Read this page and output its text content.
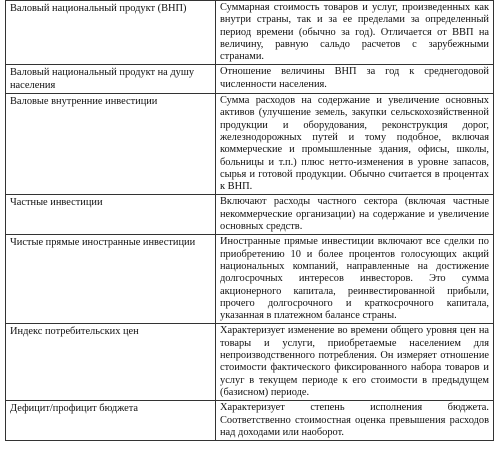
Валовый национальный продукт (ВНП)	Суммарная стоимость товаров и услуг, произведенных как внутри страны, так и за ее пределами за определенный период времени (обычно за год). Отличается от ВВП на величину, равную сальдо расчетов с зарубежными странами.
Валовый национальный продукт на душу населения	Отношение величины ВНП за год к среднегодовой численности населения.
Валовые внутренние инвестиции	Сумма расходов на содержание и увеличение основных активов (улучшение земель, закупки сельскохозяйственной продукции и оборудования, реконструкция дорог, железнодорожных путей и тому подобное, включая коммерческие и промышленные здания, офисы, школы, больницы и т.п.) плюс нетто-изменения в уровне запасов, сырья и готовой продукции. Обычно считается в процентах к ВНП.
Частные инвестиции	Включают расходы частного сектора (включая частные некоммерческие организации) на содержание и увеличение основных средств.
Чистые прямые иностранные инвестиции	Иностранные прямые инвестиции включают все сделки по приобретению 10 и более процентов голосующих акций национальных компаний, направленные на достижение долгосрочных интересов инвесторов. Это сумма акционерного капитала, реинвестированной прибыли, прочего долгосрочного и краткосрочного капитала, указанная в платежном балансе страны.
Индекс потребительских цен	Характеризует изменение во времени общего уровня цен на товары и услуги, приобретаемые населением для непроизводственного потребления. Он измеряет отношение стоимости фактического фиксированного набора товаров и услуг в текущем периоде к его стоимости в предыдущем (базисном) периоде.
Дефицит/профицит бюджета	Характеризует степень исполнения бюджета. Соответственно стоимостная оценка превышения расходов над доходами или наоборот.
